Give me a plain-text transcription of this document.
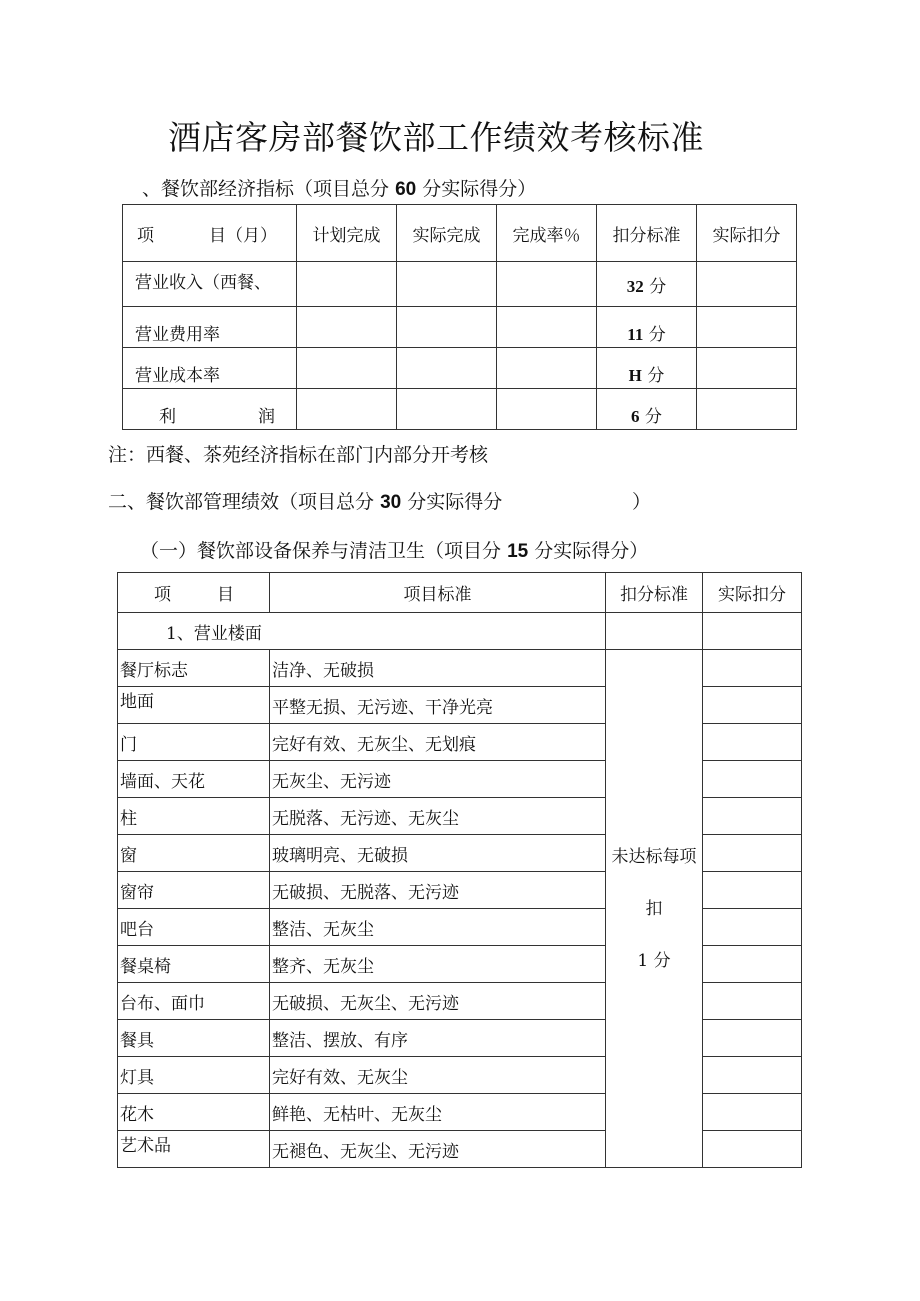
酒店客房部餐饮部工作绩效考核标准
、餐饮部经济指标（项目总分 60 分实际得分）
项 目（月）	计划完成	实际完成	完成率％	扣分标准	实际扣分
营业收入（西餐、				32 分	
营业费用率				11 分	
营业成本率				H 分	

利 润				6 分	
注：西餐、茶苑经济指标在部门内部分开考核
二、餐饮部管理绩效（项目总分 30 分实际得分	）
（一）餐饮部设备保养与清洁卫生（项目分 15 分实际得分）
项 目	项目标准	扣分标准	实际扣分
1、营业楼面			
餐厅标志	洁净、无破损	未达标每项
扣
1 分	

地面	平整无损、无污迹、干净光亮		
门	完好有效、无灰尘、无划痕		
墙面、天花	无灰尘、无污迹		
柱	无脱落、无污迹、无灰尘		
窗	玻璃明亮、无破损		
窗帘	无破损、无脱落、无污迹		
吧台	整洁、无灰尘		
餐桌椅	整齐、无灰尘		
台布、面巾	无破损、无灰尘、无污迹		
餐具	整洁、摆放、有序		
灯具	完好有效、无灰尘		
花木	鲜艳、无枯叶、无灰尘		
艺术品	无褪色、无灰尘、无污迹		
